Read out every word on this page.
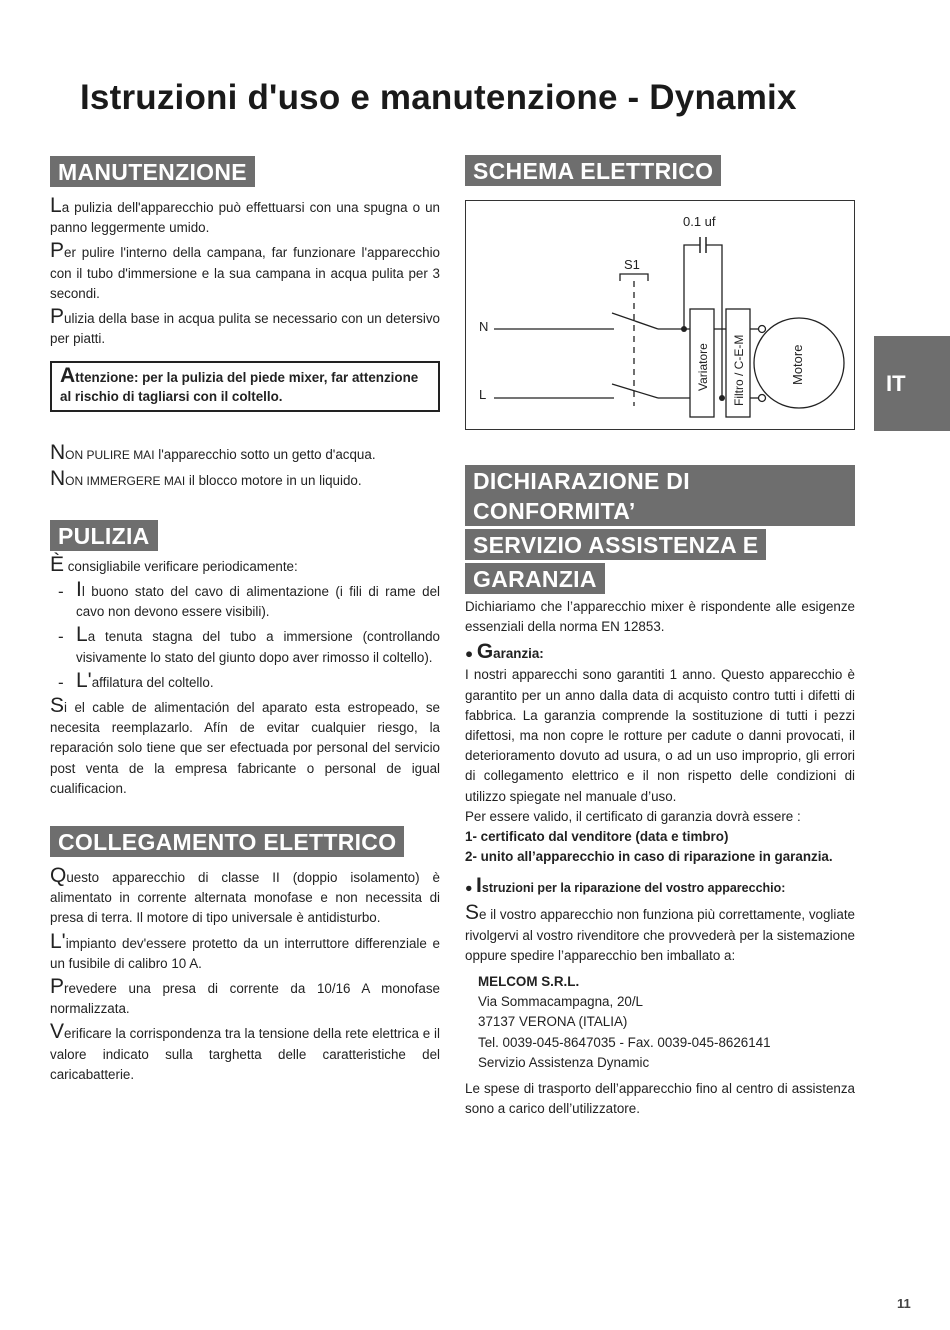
Istruzioni d'uso e manutenzione - Dynamix
IT
MANUTENZIONE

La pulizia dell'apparecchio può effettuarsi con una spugna o un panno leggermente umido.

Per pulire l'interno della campana, far funzionare l'apparecchio con il tubo d'immersione e la sua campana in acqua pulita per 3 secondi.

Pulizia della base in acqua pulita se necessario con un detersivo per piatti.

Attenzione: per la pulizia del piede mixer, far attenzione al rischio di tagliarsi con il coltello.

NON PULIRE MAI l'apparecchio sotto un getto d'acqua.

NON IMMERGERE MAI il blocco motore in un liquido.

PULIZIA

È consigliabile verificare periodicamente:

- Il buono stato del cavo di alimentazione (i fili di rame del cavo non devono essere visibili).
- La tenuta stagna del tubo a immersione (controllando visivamente lo stato del giunto dopo aver rimosso il coltello).
- L'affilatura del coltello.

Si el cable de alimentación del aparato esta estropeado, se necesita reemplazarlo. Afín de evitar cualquier riesgo, la reparación solo tiene que ser efectuada por personal del servicio post venta de la empresa fabricante o personal de igual cualificacion.

COLLEGAMENTO ELETTRICO

Questo apparecchio di classe II (doppio isolamento) è alimentato in corrente alternata monofase e non necessita di presa di terra. Il motore di tipo universale è antidisturbo.

L'impianto dev'essere protetto da un interruttore differenziale e un fusibile di calibro 10 A.

Prevedere una presa di corrente da 10/16 A monofase normalizzata.

Verificare la corrispondenza tra la tensione della rete elettrica e il valore indicato sulla targhetta delle caratteristiche del caricabatterie.

SCHEMA ELETTRICO
N
L
S1
0.1 uf
Variatore Filtro / C-E-M	Motore
DICHIARAZIONE DI CONFORMITA’
SERVIZIO ASSISTENZA E
GARANZIA

Dichiariamo che l’apparecchio mixer è rispondente alle esigenze essenziali della norma EN 12853.

● Garanzia:

I nostri apparecchi sono garantiti 1 anno. Questo apparecchio è garantito per un anno dalla data di acquisto contro tutti i difetti di fabbrica. La garanzia comprende la sostituzione di tutti i pezzi difettosi, ma non copre le rotture per cadute o danni provocati, il deterioramento dovuto ad usura, o ad un uso improprio, gli errori di collegamento elettrico e il non rispetto delle condizioni di utilizzo spiegate nel manuale d’uso.

Per essere valido, il certificato di garanzia dovrà essere :

1- certificato dal venditore (data e timbro)

2- unito all’apparecchio in caso di riparazione in garanzia.

● Istruzioni per la riparazione del vostro apparecchio:

Se il vostro apparecchio non funziona più correttamente, vogliate rivolgervi al vostro rivenditore che provvederà per la sistemazione oppure spedire l’apparecchio ben imballato a:

MELCOM S.R.L.

Via Sommacampagna, 20/L

37137 VERONA (ITALIA)

Tel. 0039-045-8647035 - Fax. 0039-045-8626141

Servizio Assistenza Dynamic

Le spese di trasporto dell’apparecchio fino al centro di assistenza sono a carico dell’utilizzatore.

11
